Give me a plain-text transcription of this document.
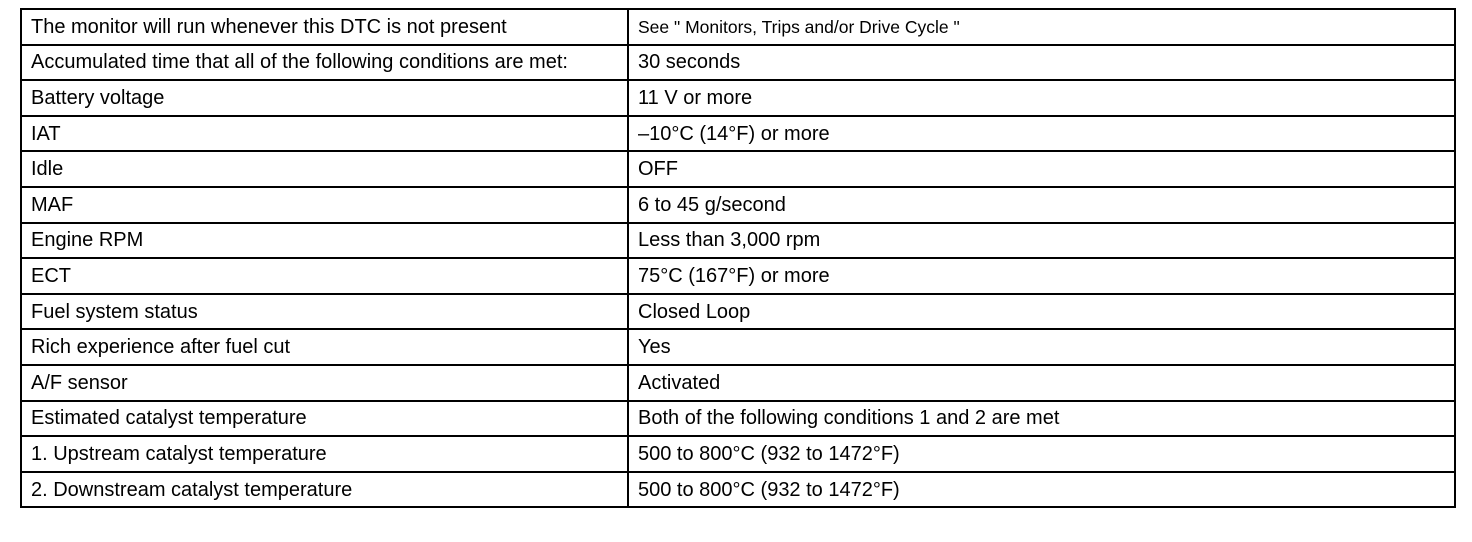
The monitor will run whenever this DTC is not present	See " Monitors, Trips and/or Drive Cycle "
Accumulated time that all of the following conditions are met:	30 seconds
Battery voltage	11 V or more
IAT	–10°C (14°F) or more
Idle	OFF
MAF	6 to 45 g/second
Engine RPM	Less than 3,000 rpm
ECT	75°C (167°F) or more
Fuel system status	Closed Loop
Rich experience after fuel cut	Yes
A/F sensor	Activated
Estimated catalyst temperature	Both of the following conditions 1 and 2 are met
1. Upstream catalyst temperature	500 to 800°C (932 to 1472°F)
2. Downstream catalyst temperature	500 to 800°C (932 to 1472°F)
